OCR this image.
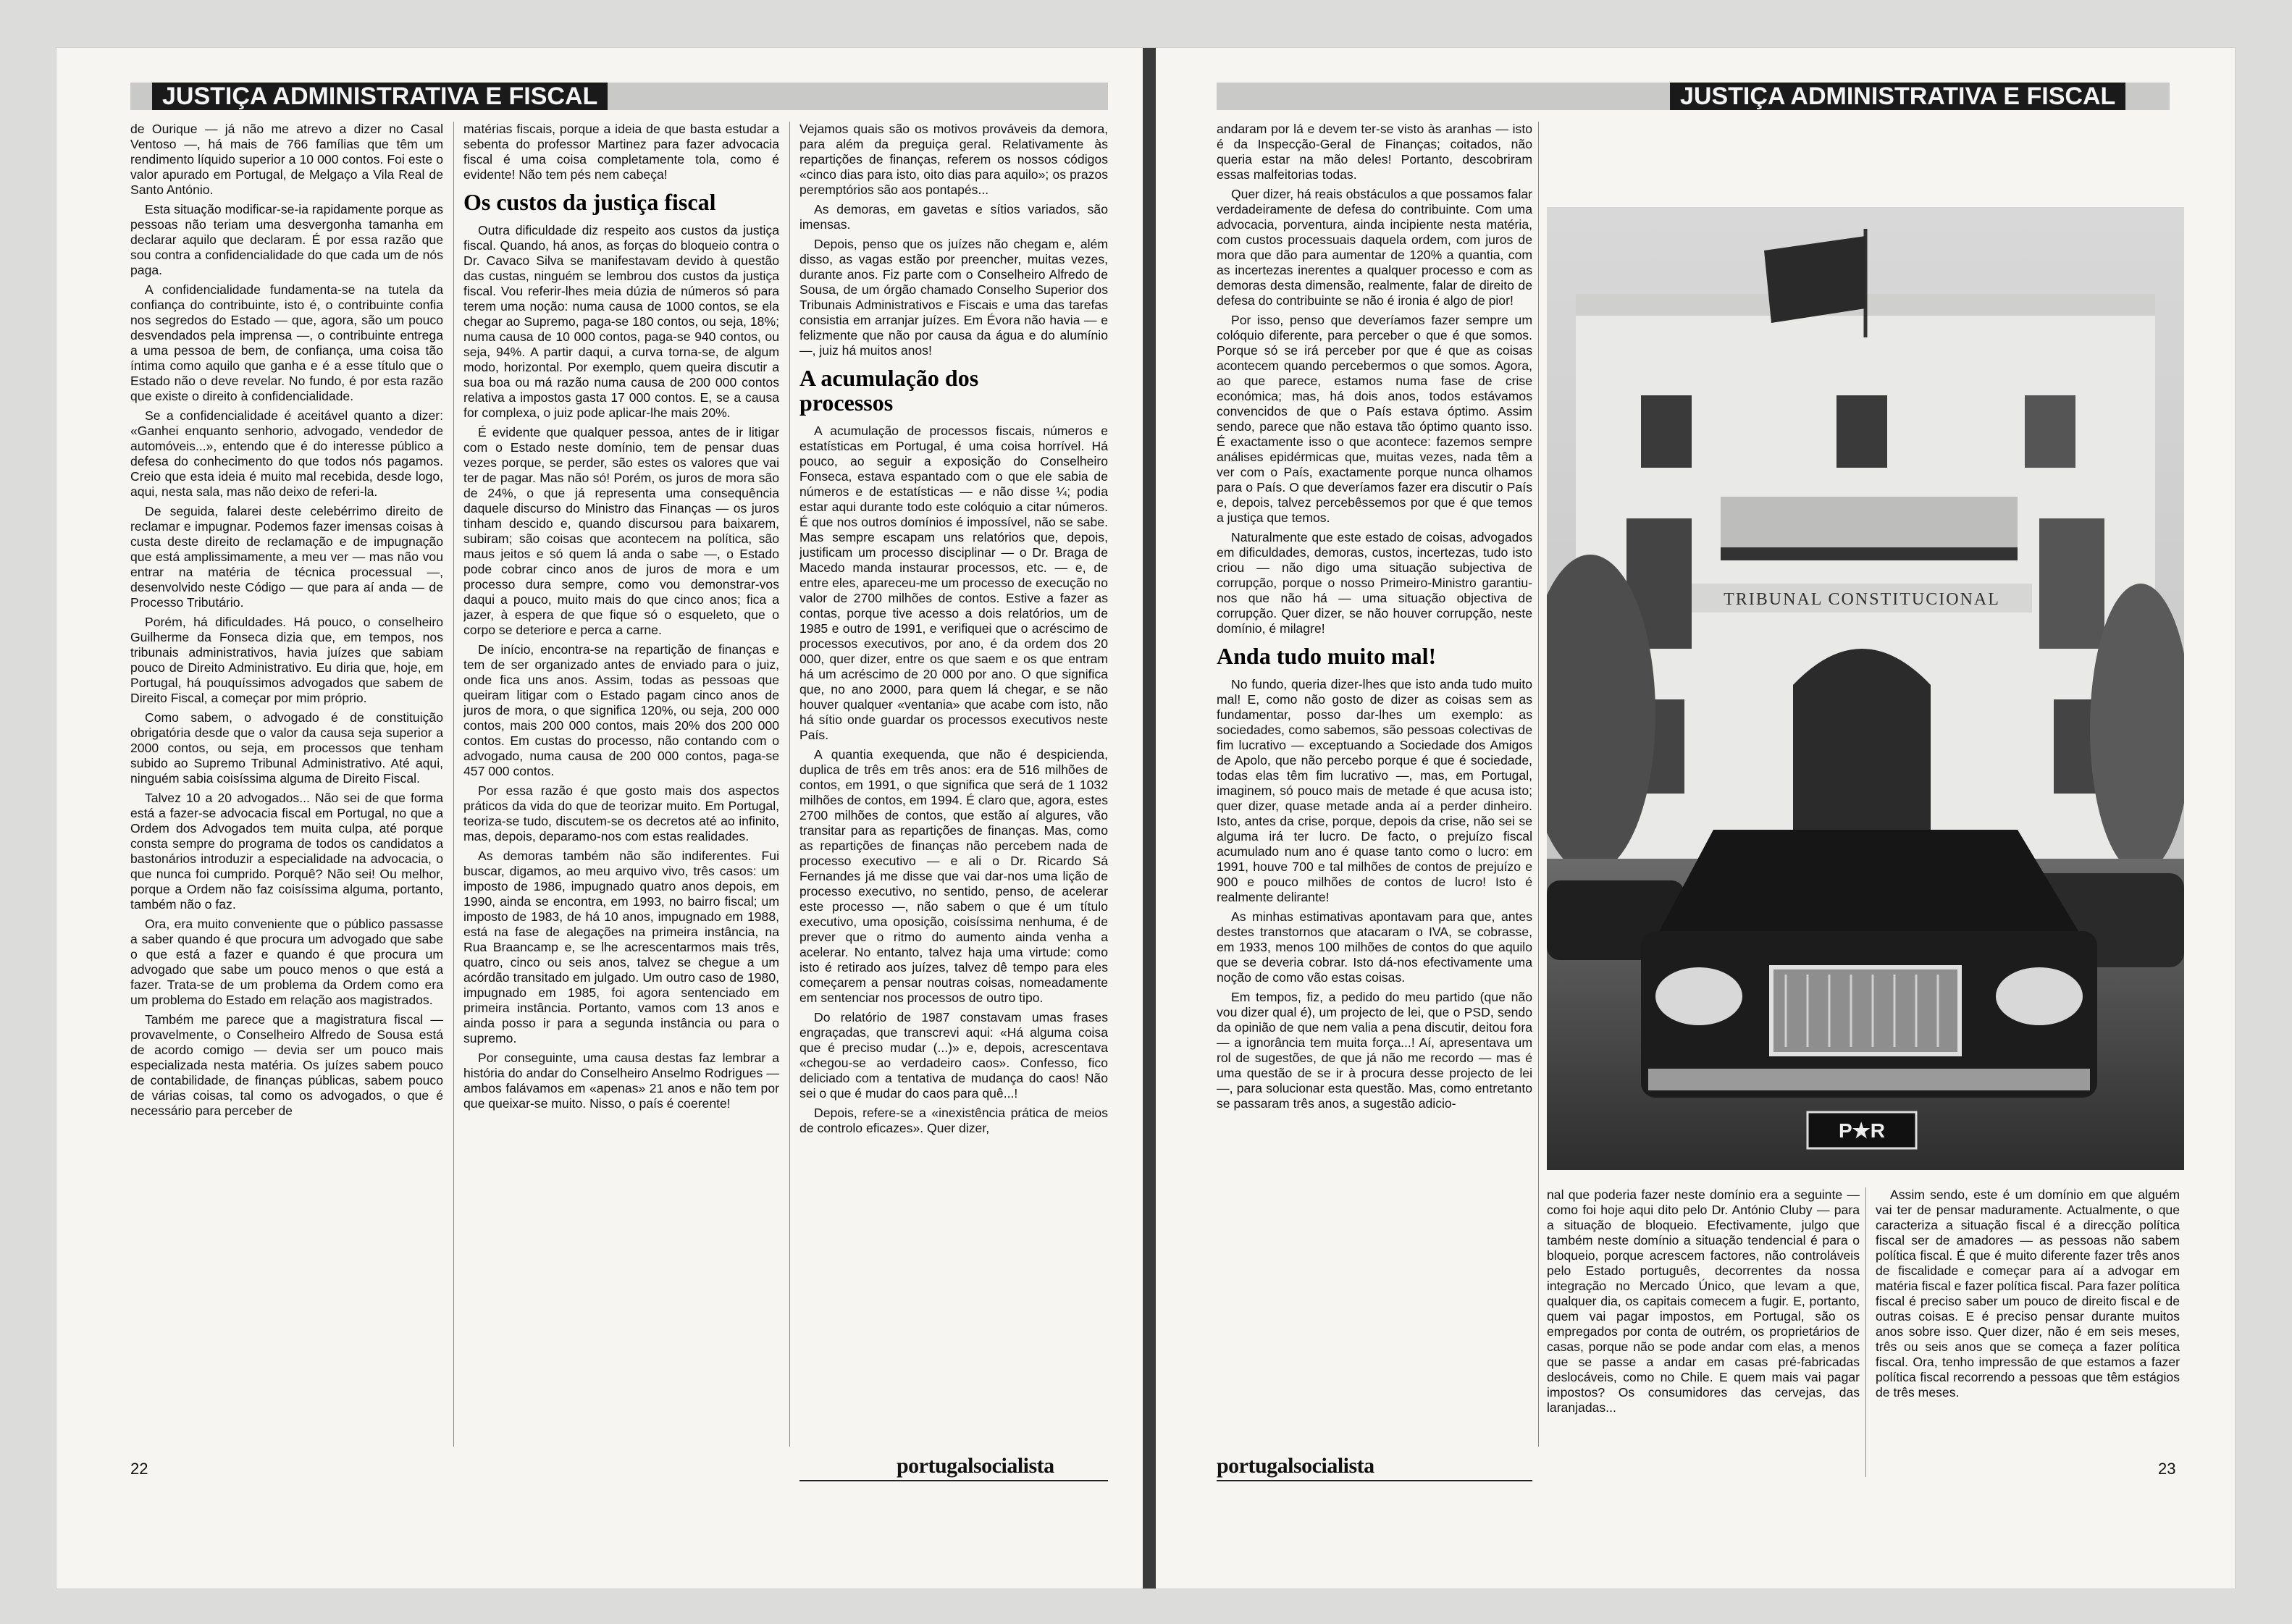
JUSTIÇA ADMINISTRATIVA E FISCAL	JUSTIÇA ADMINISTRATIVA E FISCAL

de Ourique — já não me atrevo a dizer no Casal Ventoso —, há mais de 766 famílias que têm um rendimento líquido superior a 10 000 contos. Foi este o valor apurado em Portugal, de Melgaço a Vila Real de Santo António.

Esta situação modificar-se-ia rapidamente porque as pessoas não teriam uma desvergonha tamanha em declarar aquilo que declaram. É por essa razão que sou contra a confidencialidade do que cada um de nós paga.

A confidencialidade fundamenta-se na tutela da confiança do contribuinte, isto é, o contribuinte confia nos segredos do Estado — que, agora, são um pouco desvendados pela imprensa —, o contribuinte entrega a uma pessoa de bem, de confiança, uma coisa tão íntima como aquilo que ganha e é a esse título que o Estado não o deve revelar. No fundo, é por esta razão que existe o direito à confidencialidade.

Se a confidencialidade é aceitável quanto a dizer: «Ganhei enquanto senhorio, advogado, vendedor de automóveis...», entendo que é do interesse público a defesa do conhecimento do que todos nós pagamos. Creio que esta ideia é muito mal recebida, desde logo, aqui, nesta sala, mas não deixo de referi-la.

De seguida, falarei deste celebérrimo direito de reclamar e impugnar. Podemos fazer imensas coisas à custa deste direito de reclamação e de impugnação que está amplissimamente, a meu ver — mas não vou entrar na matéria de técnica processual —, desenvolvido neste Código — que para aí anda — de Processo Tributário.

Porém, há dificuldades. Há pouco, o conselheiro Guilherme da Fonseca dizia que, em tempos, nos tribunais administrativos, havia juízes que sabiam pouco de Direito Administrativo. Eu diria que, hoje, em Portugal, há pouquíssimos advogados que sabem de Direito Fiscal, a começar por mim próprio.

Como sabem, o advogado é de constituição obrigatória desde que o valor da causa seja superior a 2000 contos, ou seja, em processos que tenham subido ao Supremo Tribunal Administrativo. Até aqui, ninguém sabia coisíssima alguma de Direito Fiscal.

Talvez 10 a 20 advogados... Não sei de que forma está a fazer-se advocacia fiscal em Portugal, no que a Ordem dos Advogados tem muita culpa, até porque consta sempre do programa de todos os candidatos a bastonários introduzir a especialidade na advocacia, o que nunca foi cumprido. Porquê? Não sei! Ou melhor, porque a Ordem não faz coisíssima alguma, portanto, também não o faz.

Ora, era muito conveniente que o público passasse a saber quando é que procura um advogado que sabe o que está a fazer e quando é que procura um advogado que sabe um pouco menos o que está a fazer. Trata-se de um problema da Ordem como era um problema do Estado em relação aos magistrados.

Também me parece que a magistratura fiscal — provavelmente, o Conselheiro Alfredo de Sousa está de acordo comigo — devia ser um pouco mais especializada nesta matéria. Os juízes sabem pouco de contabilidade, de finanças públicas, sabem pouco de várias coisas, tal como os advogados, o que é necessário para perceber de

matérias fiscais, porque a ideia de que basta estudar a sebenta do professor Martinez para fazer advocacia fiscal é uma coisa completamente tola, como é evidente! Não tem pés nem cabeça!

Os custos da justiça fiscal

Outra dificuldade diz respeito aos custos da justiça fiscal. Quando, há anos, as forças do bloqueio contra o Dr. Cavaco Silva se manifestavam devido à questão das custas, ninguém se lembrou dos custos da justiça fiscal. Vou referir-lhes meia dúzia de números só para terem uma noção: numa causa de 1000 contos, se ela chegar ao Supremo, paga-se 180 contos, ou seja, 18%; numa causa de 10 000 contos, paga-se 940 contos, ou seja, 94%. A partir daqui, a curva torna-se, de algum modo, horizontal. Por exemplo, quem queira discutir a sua boa ou má razão numa causa de 200 000 contos relativa a impostos gasta 17 000 contos. E, se a causa for complexa, o juiz pode aplicar-lhe mais 20%.

É evidente que qualquer pessoa, antes de ir litigar com o Estado neste domínio, tem de pensar duas vezes porque, se perder, são estes os valores que vai ter de pagar. Mas não só! Porém, os juros de mora são de 24%, o que já representa uma consequência daquele discurso do Ministro das Finanças — os juros tinham descido e, quando discursou para baixarem, subiram; são coisas que acontecem na política, são maus jeitos e só quem lá anda o sabe —, o Estado pode cobrar cinco anos de juros de mora e um processo dura sempre, como vou demonstrar-vos daqui a pouco, muito mais do que cinco anos; fica a jazer, à espera de que fique só o esqueleto, que o corpo se deteriore e perca a carne.

De início, encontra-se na repartição de finanças e tem de ser organizado antes de enviado para o juiz, onde fica uns anos. Assim, todas as pessoas que queiram litigar com o Estado pagam cinco anos de juros de mora, o que significa 120%, ou seja, 200 000 contos, mais 200 000 contos, mais 20% dos 200 000 contos. Em custas do processo, não contando com o advogado, numa causa de 200 000 contos, paga-se 457 000 contos.

Por essa razão é que gosto mais dos aspectos práticos da vida do que de teorizar muito. Em Portugal, teoriza-se tudo, discutem-se os decretos até ao infinito, mas, depois, deparamo-nos com estas realidades.

As demoras também não são indiferentes. Fui buscar, digamos, ao meu arquivo vivo, três casos: um imposto de 1986, impugnado quatro anos depois, em 1990, ainda se encontra, em 1993, no bairro fiscal; um imposto de 1983, de há 10 anos, impugnado em 1988, está na fase de alegações na primeira instância, na Rua Braancamp e, se lhe acrescentarmos mais três, quatro, cinco ou seis anos, talvez se chegue a um acórdão transitado em julgado. Um outro caso de 1980, impugnado em 1985, foi agora sentenciado em primeira instância. Portanto, vamos com 13 anos e ainda posso ir para a segunda instância ou para o supremo.

Por conseguinte, uma causa destas faz lembrar a história do andar do Conselheiro Anselmo Rodrigues — ambos falávamos em «apenas» 21 anos e não tem por que queixar-se muito. Nisso, o país é coerente!

Vejamos quais são os motivos prováveis da demora, para além da preguiça geral. Relativamente às repartições de finanças, referem os nossos códigos «cinco dias para isto, oito dias para aquilo»; os prazos peremptórios são aos pontapés...

As demoras, em gavetas e sítios variados, são imensas.

Depois, penso que os juízes não chegam e, além disso, as vagas estão por preencher, muitas vezes, durante anos. Fiz parte com o Conselheiro Alfredo de Sousa, de um órgão chamado Conselho Superior dos Tribunais Administrativos e Fiscais e uma das tarefas consistia em arranjar juízes. Em Évora não havia — e felizmente que não por causa da água e do alumínio —, juiz há muitos anos!

A acumulação dos processos

A acumulação de processos fiscais, números e estatísticas em Portugal, é uma coisa horrível. Há pouco, ao seguir a exposição do Conselheiro Fonseca, estava espantado com o que ele sabia de números e de estatísticas — e não disse ¼; podia estar aqui durante todo este colóquio a citar números. É que nos outros domínios é impossível, não se sabe. Mas sempre escapam uns relatórios que, depois, justificam um processo disciplinar — o Dr. Braga de Macedo manda instaurar processos, etc. — e, de entre eles, apareceu-me um processo de execução no valor de 2700 milhões de contos. Estive a fazer as contas, porque tive acesso a dois relatórios, um de 1985 e outro de 1991, e verifiquei que o acréscimo de processos executivos, por ano, é da ordem dos 20 000, quer dizer, entre os que saem e os que entram há um acréscimo de 20 000 por ano. O que significa que, no ano 2000, para quem lá chegar, e se não houver qualquer «ventania» que acabe com isto, não há sítio onde guardar os processos executivos neste País.

A quantia exequenda, que não é despicienda, duplica de três em três anos: era de 516 milhões de contos, em 1991, o que significa que será de 1 1032 milhões de contos, em 1994. É claro que, agora, estes 2700 milhões de contos, que estão aí algures, vão transitar para as repartições de finanças. Mas, como as repartições de finanças não percebem nada de processo executivo — e ali o Dr. Ricardo Sá Fernandes já me disse que vai dar-nos uma lição de processo executivo, no sentido, penso, de acelerar este processo —, não sabem o que é um título executivo, uma oposição, coisíssima nenhuma, é de prever que o ritmo do aumento ainda venha a acelerar. No entanto, talvez haja uma virtude: como isto é retirado aos juízes, talvez dê tempo para eles começarem a pensar noutras coisas, nomeadamente em sentenciar nos processos de outro tipo.

Do relatório de 1987 constavam umas frases engraçadas, que transcrevi aqui: «Há alguma coisa que é preciso mudar (...)» e, depois, acrescentava «chegou-se ao verdadeiro caos». Confesso, fico deliciado com a tentativa de mudança do caos! Não sei o que é mudar do caos para quê...!

Depois, refere-se a «inexistência prática de meios de controlo eficazes». Quer dizer,

22	portugalsocialista

andaram por lá e devem ter-se visto às aranhas — isto é da Inspecção-Geral de Finanças; coitados, não queria estar na mão deles! Portanto, descobriram essas malfeitorias todas.

Quer dizer, há reais obstáculos a que possamos falar verdadeiramente de defesa do contribuinte. Com uma advocacia, porventura, ainda incipiente nesta matéria, com custos processuais daquela ordem, com juros de mora que dão para aumentar de 120% a quantia, com as incertezas inerentes a qualquer processo e com as demoras desta dimensão, realmente, falar de direito de defesa do contribuinte se não é ironia é algo de pior!

Por isso, penso que deveríamos fazer sempre um colóquio diferente, para perceber o que é que somos. Porque só se irá perceber por que é que as coisas acontecem quando percebermos o que somos. Agora, ao que parece, estamos numa fase de crise económica; mas, há dois anos, todos estávamos convencidos de que o País estava óptimo. Assim sendo, parece que não estava tão óptimo quanto isso. É exactamente isso o que acontece: fazemos sempre análises epidérmicas que, muitas vezes, nada têm a ver com o País, exactamente porque nunca olhamos para o País. O que deveríamos fazer era discutir o País e, depois, talvez percebêssemos por que é que temos a justiça que temos.

Naturalmente que este estado de coisas, advogados em dificuldades, demoras, custos, incertezas, tudo isto criou — não digo uma situação subjectiva de corrupção, porque o nosso Primeiro-Ministro garantiu-nos que não há — uma situação objectiva de corrupção. Quer dizer, se não houver corrupção, neste domínio, é milagre!

Anda tudo muito mal!

No fundo, queria dizer-lhes que isto anda tudo muito mal! E, como não gosto de dizer as coisas sem as fundamentar, posso dar-lhes um exemplo: as sociedades, como sabemos, são pessoas colectivas de fim lucrativo — exceptuando a Sociedade dos Amigos de Apolo, que não percebo porque é que é sociedade, todas elas têm fim lucrativo —, mas, em Portugal, imaginem, só pouco mais de metade é que acusa isto; quer dizer, quase metade anda aí a perder dinheiro. Isto, antes da crise, porque, depois da crise, não sei se alguma irá ter lucro. De facto, o prejuízo fiscal acumulado num ano é quase tanto como o lucro: em 1991, houve 700 e tal milhões de contos de prejuízo e 900 e pouco milhões de contos de lucro! Isto é realmente delirante!

As minhas estimativas apontavam para que, antes destes transtornos que atacaram o IVA, se cobrasse, em 1933, menos 100 milhões de contos do que aquilo que se deveria cobrar. Isto dá-nos efectivamente uma noção de como vão estas coisas.

Em tempos, fiz, a pedido do meu partido (que não vou dizer qual é), um projecto de lei, que o PSD, sendo da opinião de que nem valia a pena discutir, deitou fora — a ignorância tem muita força...! Aí, apresentava um rol de sugestões, de que já não me recordo — mas é uma questão de se ir à procura desse projecto de lei —, para solucionar esta questão. Mas, como entretanto se passaram três anos, a sugestão adicio-

TRIBUNAL CONSTITUCIONAL
P★R

nal que poderia fazer neste domínio era a seguinte — como foi hoje aqui dito pelo Dr. António Cluby — para a situação de bloqueio. Efectivamente, julgo que também neste domínio a situação tendencial é para o bloqueio, porque acrescem factores, não controláveis pelo Estado português, decorrentes da nossa integração no Mercado Único, que levam a que, qualquer dia, os capitais comecem a fugir. E, portanto, quem vai pagar impostos, em Portugal, são os empregados por conta de outrém, os proprietários de casas, porque não se pode andar com elas, a menos que se passe a andar em casas pré-fabricadas deslocáveis, como no Chile. E quem mais vai pagar impostos? Os consumidores das cervejas, das laranjadas...

Assim sendo, este é um domínio em que alguém vai ter de pensar maduramente. Actualmente, o que caracteriza a situação fiscal é a direcção política fiscal ser de amadores — as pessoas não sabem política fiscal. É que é muito diferente fazer três anos de fiscalidade e começar para aí a advogar em matéria fiscal e fazer política fiscal. Para fazer política fiscal é preciso saber um pouco de direito fiscal e de outras coisas. E é preciso pensar durante muitos anos sobre isso. Quer dizer, não é em seis meses, três ou seis anos que se começa a fazer política fiscal. Ora, tenho impressão de que estamos a fazer política fiscal recorrendo a pessoas que têm estágios de três meses.

portugalsocialista	23
